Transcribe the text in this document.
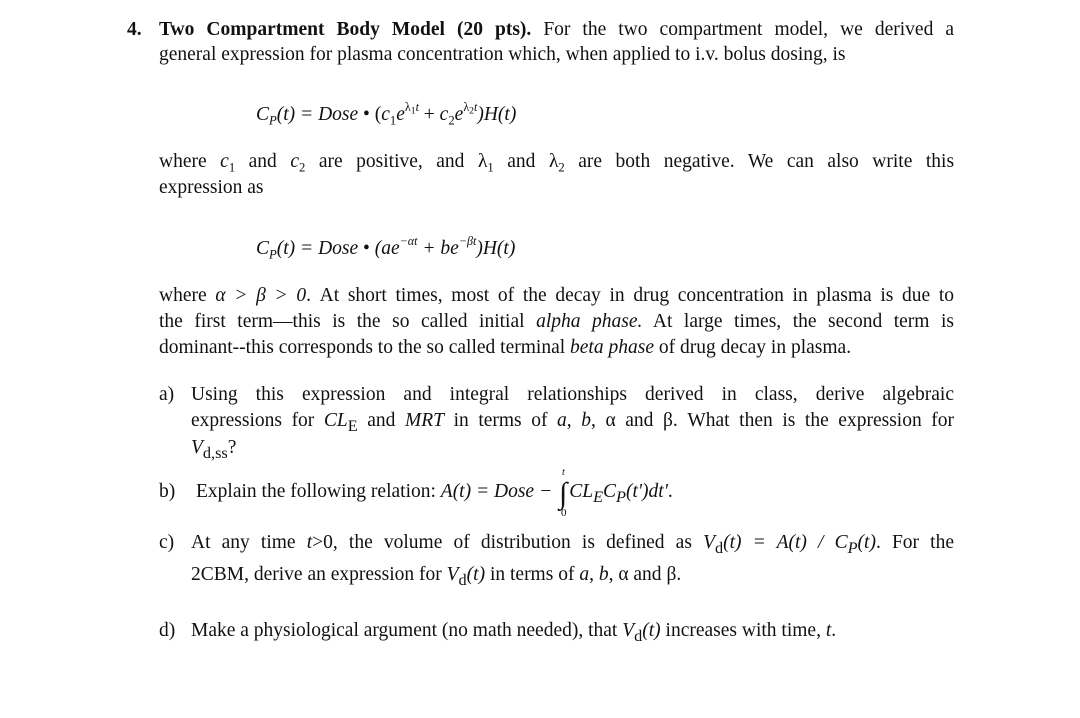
4. Two Compartment Body Model (20 pts). For the two compartment model, we derived a
general expression for plasma concentration which, when applied to i.v. bolus dosing, is
$C_P(t)$ = Dose • $(c_1e^{\lambda_1t} + c_2e^{\lambda_2t})H(t)$
where $c_1$ and $c_2$ are positive, and $\lambda_1$ and $\lambda_2$ are both negative. We can also write this
expression as
$C_P(t)$ = Dose • $(ae^{-\alpha t} + be^{-\beta t})H(t)$
where α > β > 0. At short times, most of the decay in drug concentration in plasma is due to
the first term—this is the so called initial alpha phase. At large times, the second term is
dominant--this corresponds to the so called terminal beta phase of drug decay in plasma.
a) Using this expression and integral relationships derived in class, derive algebraic
expressions for $CL_E$ and MRT in terms of a, b, α and β. What then is the expression for
$V_{d,ss}$?
b) Explain the following relation: A(t) = Dose −
t
∫
0
$CL_EC_P(t')dt'$.
c) At any time t>0, the volume of distribution is defined as $V_d(t) = A(t) / C_P(t)$. For the
2CBM, derive an expression for $V_d(t)$ in terms of a, b, α and β.
d) Make a physiological argument (no math needed), that $V_d(t)$ increases with time, t.
